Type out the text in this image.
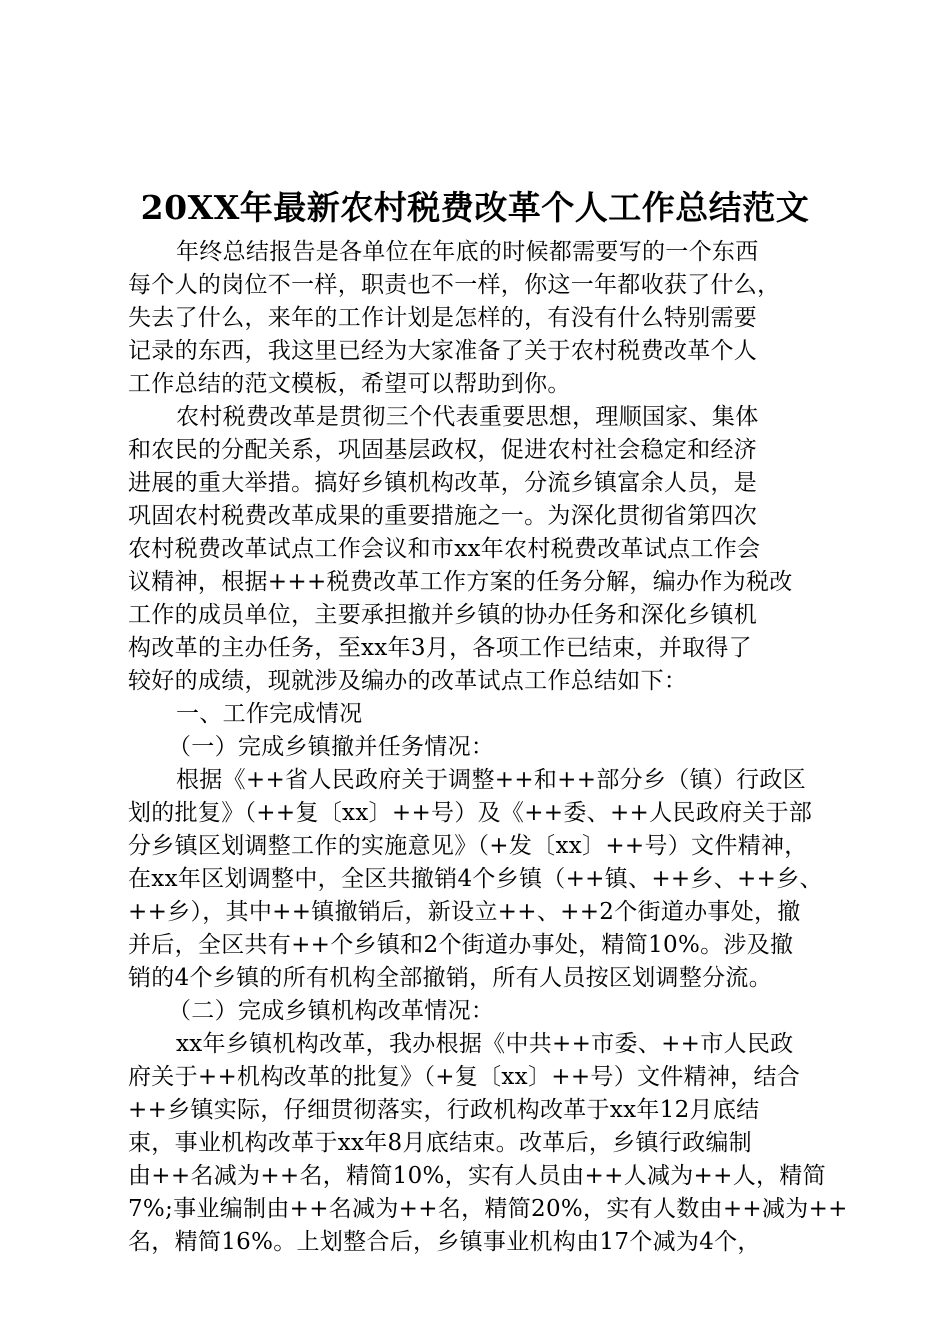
20XX年最新农村税费改革个人工作总结范文
年终总结报告是各单位在年底的时候都需要写的一个东西
每个人的岗位不一样，职责也不一样，你这一年都收获了什么，
失去了什么，来年的工作计划是怎样的，有没有什么特别需要
记录的东西，我这里已经为大家准备了关于农村税费改革个人
工作总结的范文模板，希望可以帮助到你。
农村税费改革是贯彻三个代表重要思想，理顺国家、集体
和农民的分配关系，巩固基层政权，促进农村社会稳定和经济
进展的重大举措。搞好乡镇机构改革，分流乡镇富余人员，是
巩固农村税费改革成果的重要措施之一。为深化贯彻省第四次
农村税费改革试点工作会议和市xx年农村税费改革试点工作会
议精神，根据+++税费改革工作方案的任务分解，编办作为税改
工作的成员单位，主要承担撤并乡镇的协办任务和深化乡镇机
构改革的主办任务，至xx年3月，各项工作已结束，并取得了
较好的成绩，现就涉及编办的改革试点工作总结如下：
一、工作完成情况
（一）完成乡镇撤并任务情况：
根据《++省人民政府关于调整++和++部分乡（镇）行政区
划的批复》（++复〔xx〕++号）及《++委、++人民政府关于部
分乡镇区划调整工作的实施意见》（+发〔xx〕++号）文件精神，
在xx年区划调整中，全区共撤销4个乡镇（++镇、++乡、++乡、
++乡），其中++镇撤销后，新设立++、++2个街道办事处，撤
并后，全区共有++个乡镇和2个街道办事处，精简10%。涉及撤
销的4个乡镇的所有机构全部撤销，所有人员按区划调整分流。
（二）完成乡镇机构改革情况：
xx年乡镇机构改革，我办根据《中共++市委、++市人民政
府关于++机构改革的批复》（+复〔xx〕++号）文件精神，结合
++乡镇实际，仔细贯彻落实，行政机构改革于xx年12月底结
束，事业机构改革于xx年8月底结束。改革后，乡镇行政编制
由++名减为++名，精简10%，实有人员由++人减为++人，精简
7%;事业编制由++名减为++名，精简20%，实有人数由++减为++
名，精简16%。上划整合后，乡镇事业机构由17个减为4个，
